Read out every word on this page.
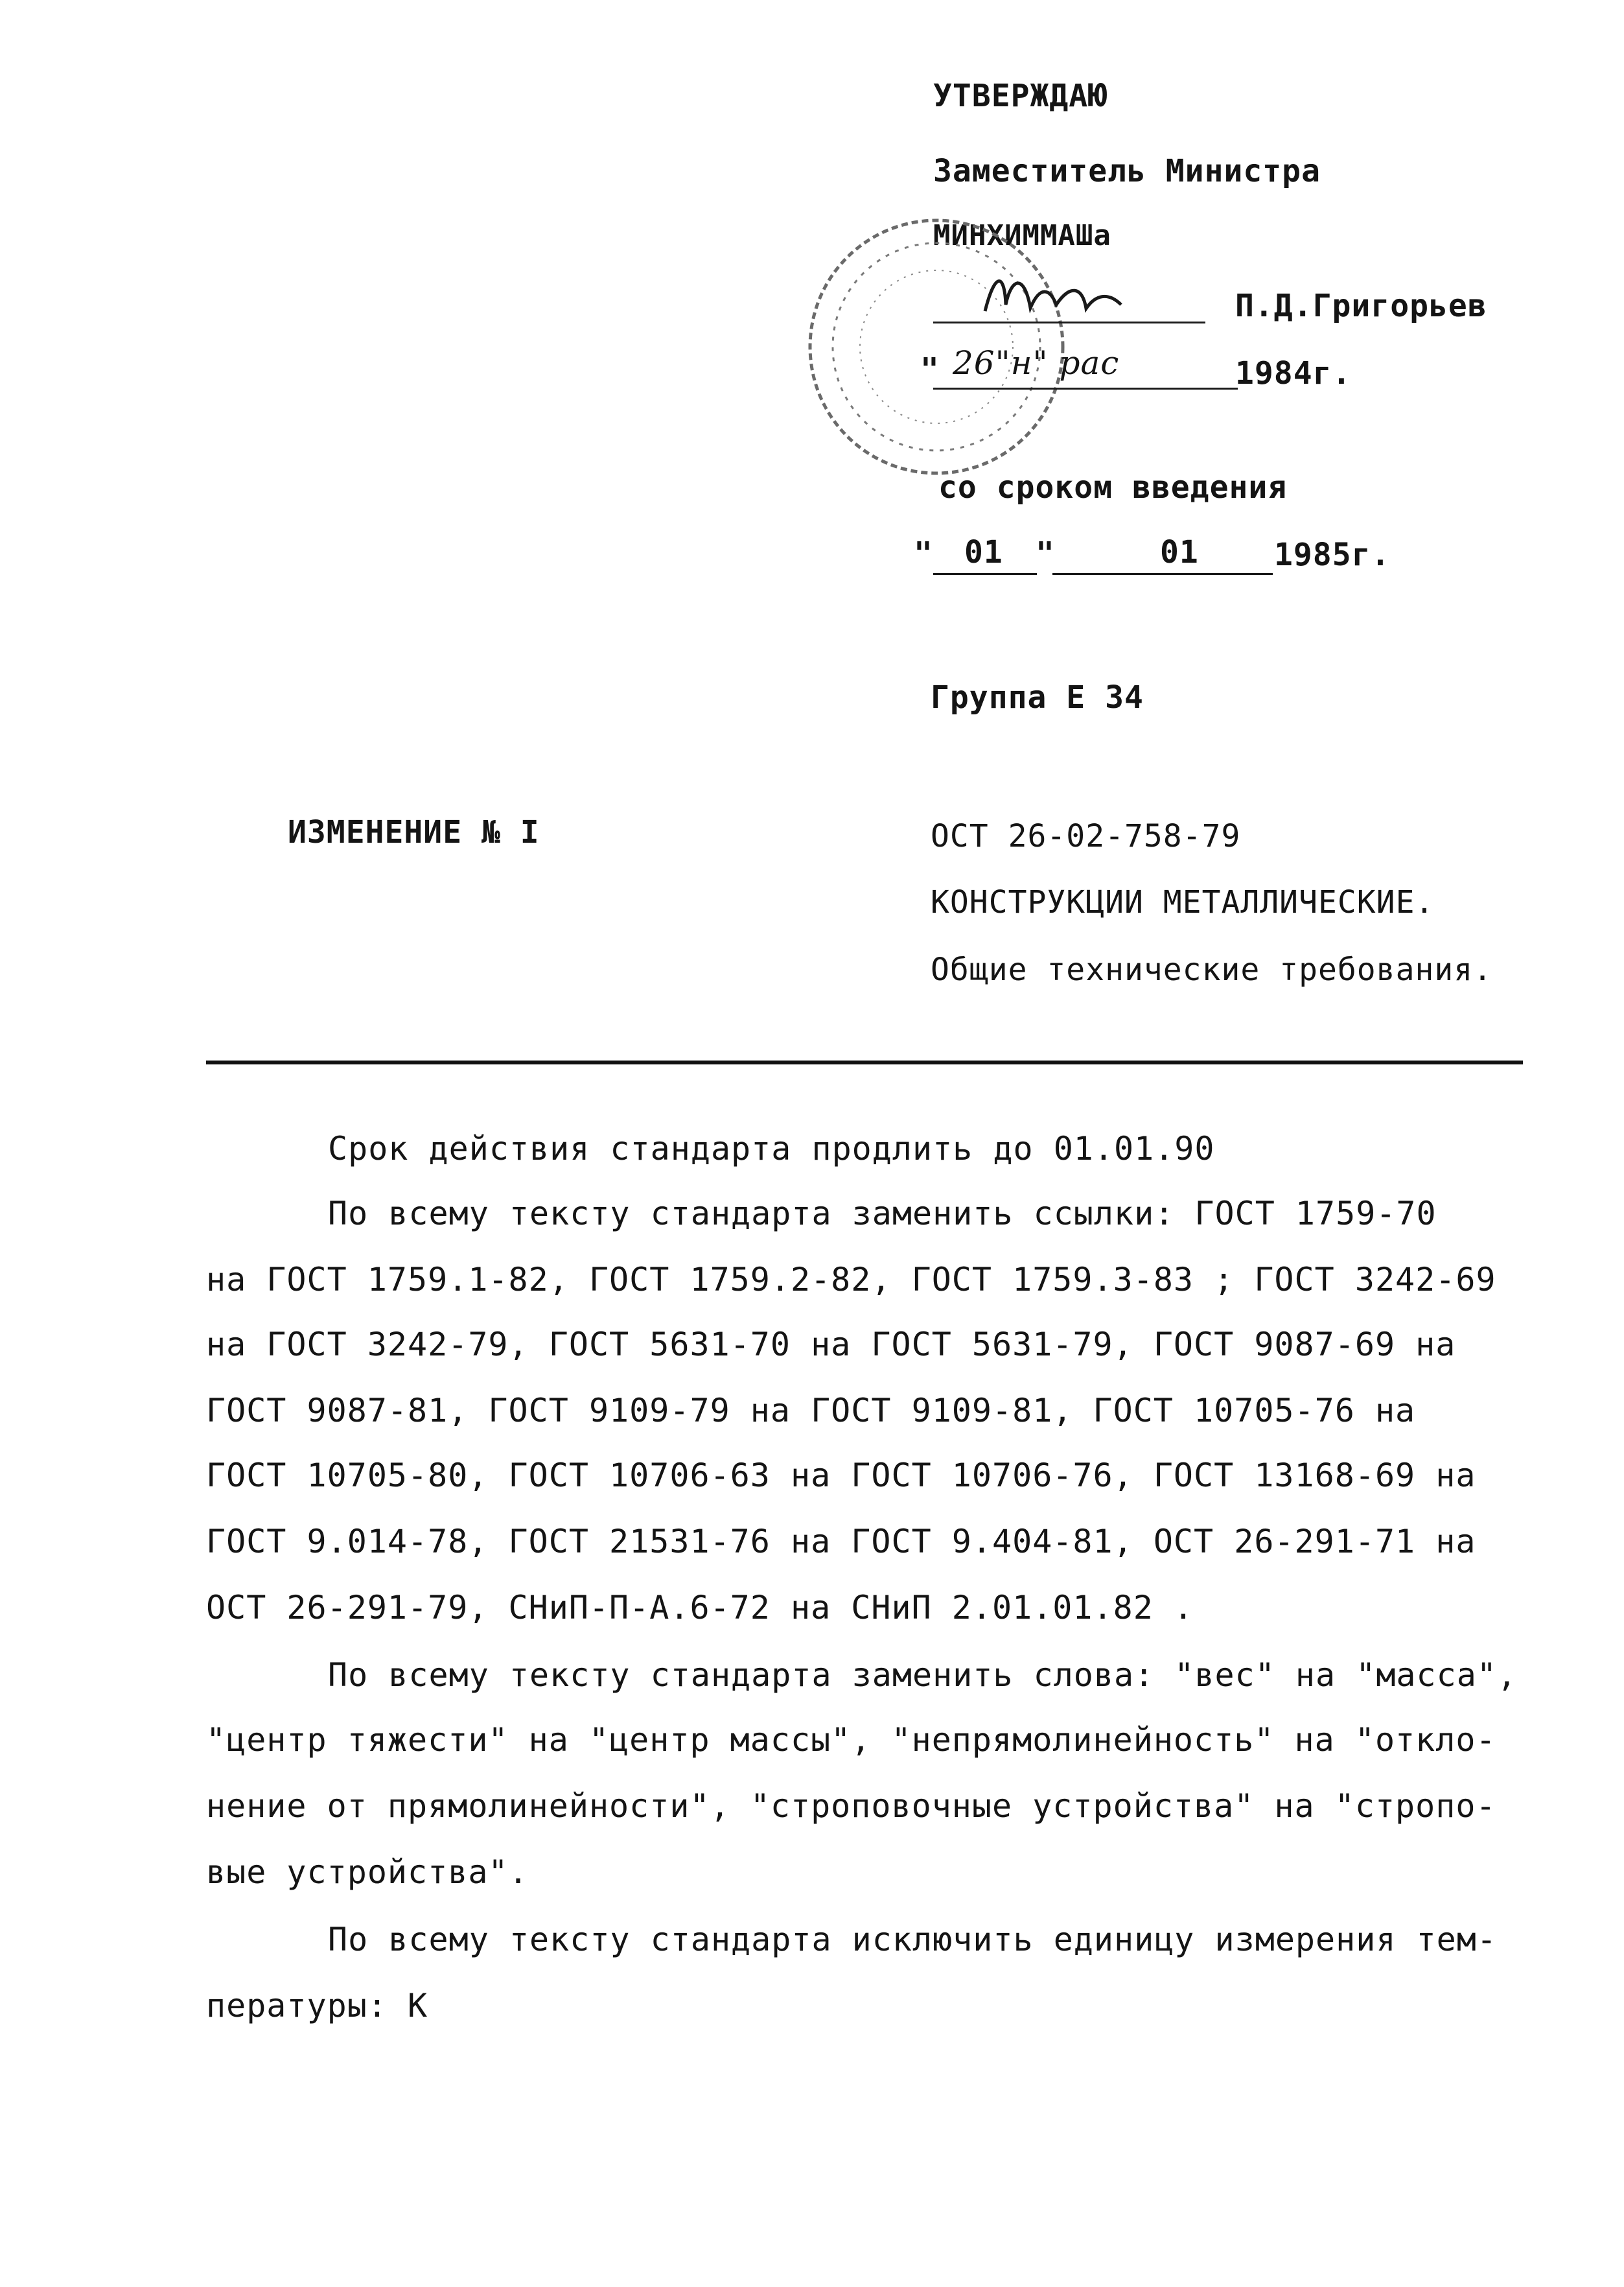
УТВЕРЖДАЮ
Заместитель Министра
МИНХИММАШа
П.Д.Григорьев
" 26"н" рас	1984г.
со сроком введения
" 01 "	01 1985г.
Группа Е 34
ИЗМЕНЕНИЕ № I	ОСТ 26-02-758-79
КОНСТРУКЦИИ МЕТАЛЛИЧЕСКИЕ.
Общие технические требования.
Срок действия стандарта продлить до 01.01.90
По всему тексту стандарта заменить ссылки: ГОСТ 1759-70
на ГОСТ 1759.1-82, ГОСТ 1759.2-82, ГОСТ 1759.3-83 ; ГОСТ 3242-69
на ГОСТ 3242-79, ГОСТ 5631-70 на ГОСТ 5631-79, ГОСТ 9087-69 на
ГОСТ 9087-81, ГОСТ 9109-79 на ГОСТ 9109-81, ГОСТ 10705-76 на
ГОСТ 10705-80, ГОСТ 10706-63 на ГОСТ 10706-76, ГОСТ 13168-69 на
ГОСТ 9.014-78, ГОСТ 21531-76 на ГОСТ 9.404-81, ОСТ 26-291-71 на
ОСТ 26-291-79, СНиП-П-А.6-72 на СНиП 2.01.01.82 .
По всему тексту стандарта заменить слова: "вес" на "масса",
"центр тяжести" на "центр массы", "непрямолинейность" на "откло-
нение от прямолинейности", "строповочные устройства" на "стропо-
вые устройства".
По всему тексту стандарта исключить единицу измерения тем-
пературы: К
